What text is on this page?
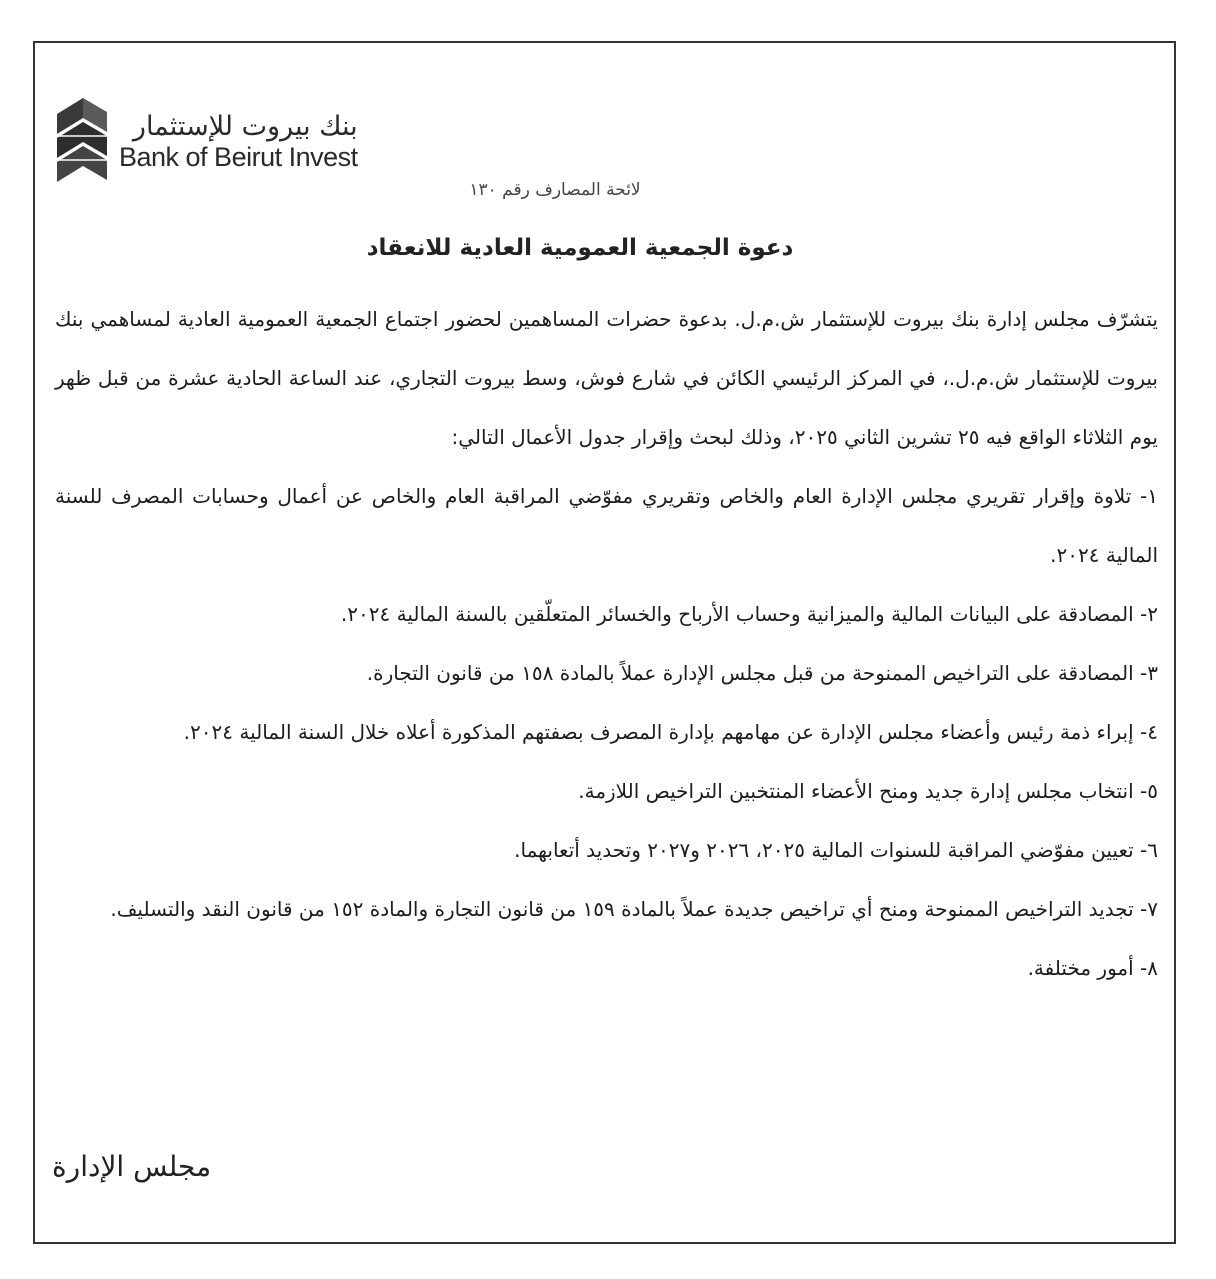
بنك بيروت للإستثمار
Bank of Beirut Invest
لائحة المصارف رقم ١٣٠
دعوة الجمعية العمومية العادية للانعقاد

يتشرّف مجلس إدارة بنك بيروت للإستثمار ش.م.ل. بدعوة حضرات المساهمين لحضور اجتماع الجمعية العمومية العادية لمساهمي بنك بيروت للإستثمار ش.م.ل.، في المركز الرئيسي الكائن في شارع فوش، وسط بيروت التجاري، عند الساعة الحادية عشرة من قبل ظهر يوم الثلاثاء الواقع فيه ٢٥ تشرين الثاني ٢٠٢٥، وذلك لبحث وإقرار جدول الأعمال التالي:

١- تلاوة وإقرار تقريري مجلس الإدارة العام والخاص وتقريري مفوّضي المراقبة العام والخاص عن أعمال وحسابات المصرف للسنة المالية ٢٠٢٤.

٢- المصادقة على البيانات المالية والميزانية وحساب الأرباح والخسائر المتعلّقين بالسنة المالية ٢٠٢٤.

٣- المصادقة على التراخيص الممنوحة من قبل مجلس الإدارة عملاً بالمادة ١٥٨ من قانون التجارة.

٤- إبراء ذمة رئيس وأعضاء مجلس الإدارة عن مهامهم بإدارة المصرف بصفتهم المذكورة أعلاه خلال السنة المالية ٢٠٢٤.

٥- انتخاب مجلس إدارة جديد ومنح الأعضاء المنتخبين التراخيص اللازمة.

٦- تعيين مفوّضي المراقبة للسنوات المالية ٢٠٢٥، ٢٠٢٦ و٢٠٢٧ وتحديد أتعابهما.

٧- تجديد التراخيص الممنوحة ومنح أي تراخيص جديدة عملاً بالمادة ١٥٩ من قانون التجارة والمادة ١٥٢ من قانون النقد والتسليف.

٨- أمور مختلفة.

مجلس الإدارة
